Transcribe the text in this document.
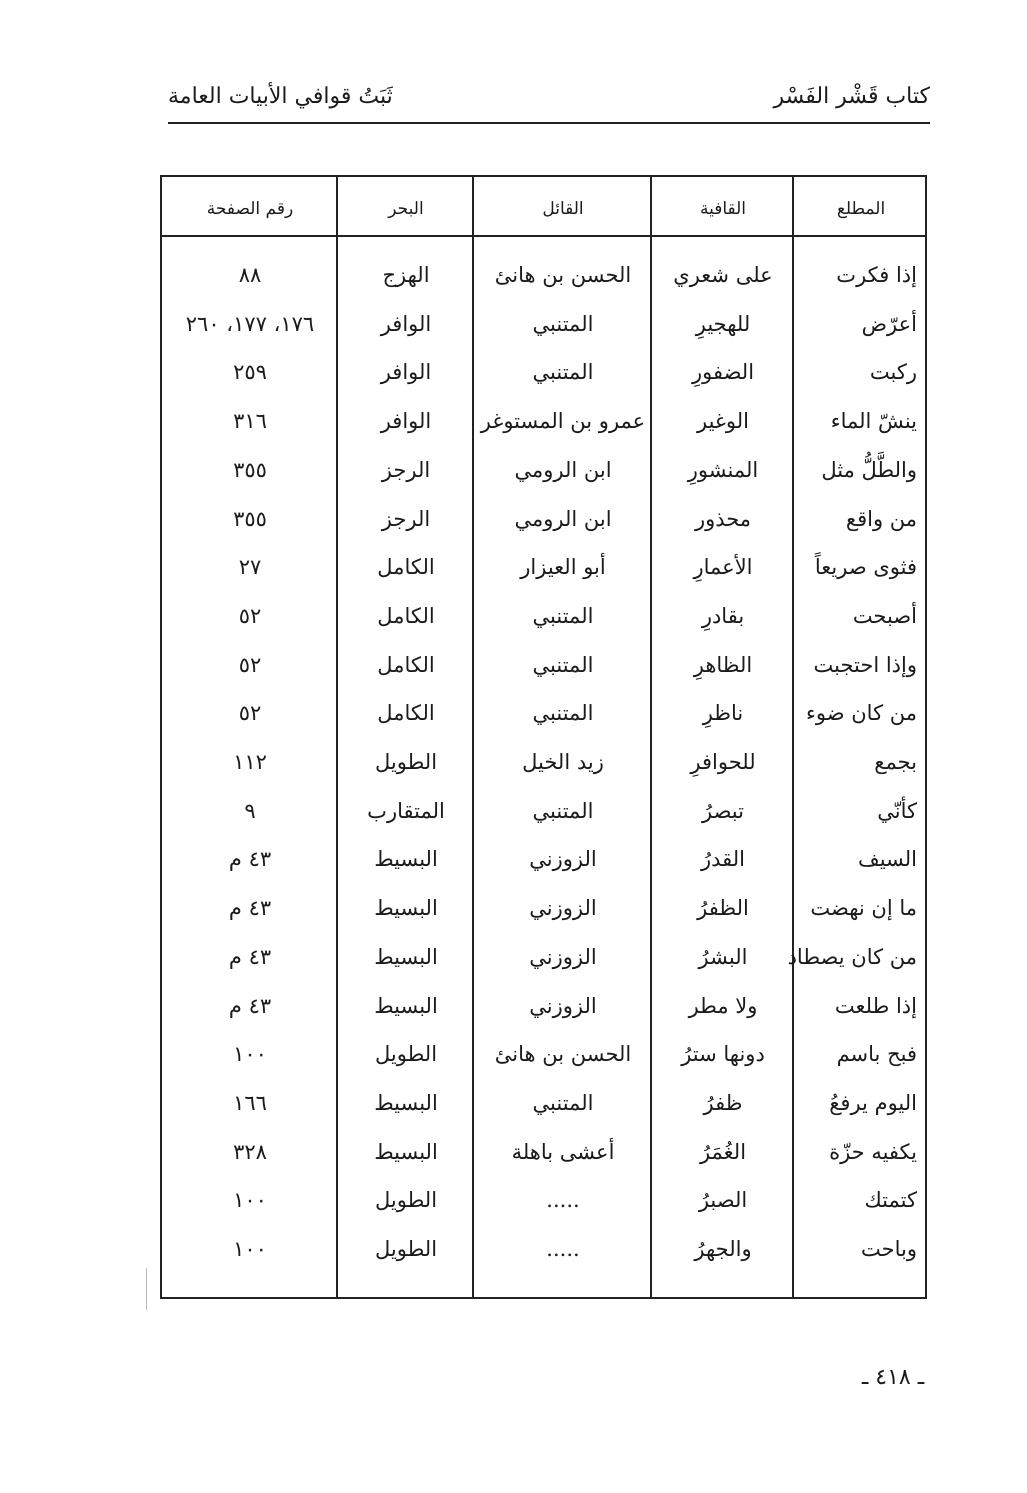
كتاب قَشْر الفَسْر
ثَبَتُ قوافي الأبيات العامة
المطلع
القافية
القائل
البحر
رقم الصفحة
إذا فكرت
على شعري
الحسن بن هانئ
الهزج
٨٨
أعرّض
للهجيرِ
المتنبي
الوافر
١٧٦، ١٧٧، ٢٦٠
ركبت
الضفورِ
المتنبي
الوافر
٢٥٩
ينشّ الماء
الوغير
عمرو بن المستوغر
الوافر
٣١٦
والطَّلُّ مثل
المنشورِ
ابن الرومي
الرجز
٣٥٥
من واقع
محذور
ابن الرومي
الرجز
٣٥٥
فثوى صريعاً
الأعمارِ
أبو العيزار
الكامل
٢٧
أصبحت
بقادرِ
المتنبي
الكامل
٥٢
وإذا احتجبت
الظاهرِ
المتنبي
الكامل
٥٢
من كان ضوء
ناظرِ
المتنبي
الكامل
٥٢
بجمع
للحوافرِ
زيد الخيل
الطويل
١١٢
كأنّي
تبصرُ
المتنبي
المتقارب
٩
السيف
القدرُ
الزوزني
البسيط
٤٣ م
ما إن نهضت
الظفرُ
الزوزني
البسيط
٤٣ م
من كان يصطاد
البشرُ
الزوزني
البسيط
٤٣ م
إذا طلعت
ولا مطر
الزوزني
البسيط
٤٣ م
فبح باسم
دونها سترُ
الحسن بن هانئ
الطويل
١٠٠
اليوم يرفعُ
ظفرُ
المتنبي
البسيط
١٦٦
يكفيه حزّة
الغُمَرُ
أعشى باهلة
البسيط
٣٢٨
كتمتك
الصبرُ
.....
الطويل
١٠٠
وباحت
والجهرُ
.....
الطويل
١٠٠
ـ ٤١٨ ـ
